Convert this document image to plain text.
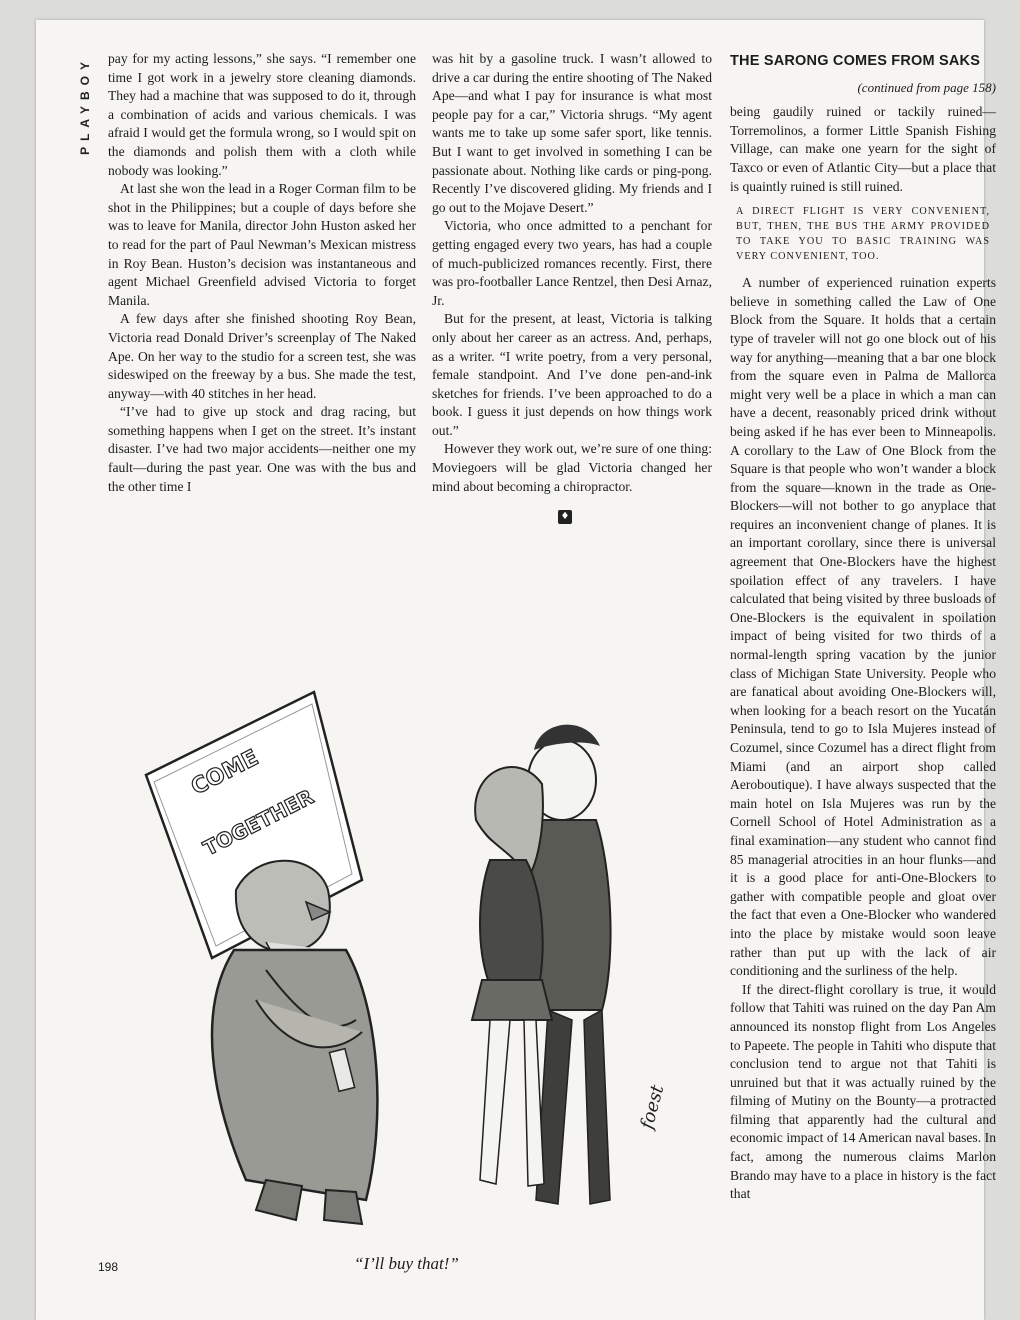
PLAYBOY pay for my acting lessons,” she says. “I remember one time I got work in a jewelry store cleaning diamonds. They had a machine that was supposed to do it, through a combination of acids and various chemicals. I was afraid I would get the formula wrong, so I would spit on the diamonds and polish them with a cloth while nobody was looking.”

At last she won the lead in a Roger Corman film to be shot in the Philippines; but a couple of days before she was to leave for Manila, director John Huston asked her to read for the part of Paul Newman’s Mexican mistress in Roy Bean. Huston’s decision was instantaneous and agent Michael Greenfield advised Victoria to forget Manila.

A few days after she finished shooting Roy Bean, Victoria read Donald Driver’s screenplay of The Naked Ape. On her way to the studio for a screen test, she was sideswiped on the freeway by a bus. She made the test, anyway—with 40 stitches in her head.

“I’ve had to give up stock and drag racing, but something happens when I get on the street. It’s instant disaster. I’ve had two major accidents—neither one my fault—during the past year. One was with the bus and the other time I

was hit by a gasoline truck. I wasn’t allowed to drive a car during the entire shooting of The Naked Ape—and what I pay for insurance is what most people pay for a car,” Victoria shrugs. “My agent wants me to take up some safer sport, like tennis. But I want to get involved in something I can be passionate about. Nothing like cards or ping-pong. Recently I’ve discovered gliding. My friends and I go out to the Mojave Desert.”

Victoria, who once admitted to a penchant for getting engaged every two years, has had a couple of much-publicized romances recently. First, there was pro-footballer Lance Rentzel, then Desi Arnaz, Jr.

But for the present, at least, Victoria is talking only about her career as an actress. And, perhaps, as a writer. “I write poetry, from a very personal, female standpoint. And I’ve done pen-and-ink sketches for friends. I’ve been approached to do a book. I guess it just depends on how things work out.”

However they work out, we’re sure of one thing: Moviegoers will be glad Victoria changed her mind about becoming a chiropractor.

♦
THE SARONG COMES FROM SAKS
(continued from page 158)

being gaudily ruined or tackily ruined—Torremolinos, a former Little Spanish Fishing Village, can make one yearn for the sight of Taxco or even of Atlantic City—but a place that is quaintly ruined is still ruined.

A DIRECT FLIGHT IS VERY CONVENIENT, BUT, THEN, THE BUS THE ARMY PROVIDED TO TAKE YOU TO BASIC TRAINING WAS VERY CONVENIENT, TOO.

A number of experienced ruination experts believe in something called the Law of One Block from the Square. It holds that a certain type of traveler will not go one block out of his way for anything—meaning that a bar one block from the square even in Palma de Mallorca might very well be a place in which a man can have a decent, reasonably priced drink without being asked if he has ever been to Minneapolis. A corollary to the Law of One Block from the Square is that people who won’t wander a block from the square—known in the trade as One-Blockers—will not bother to go anyplace that requires an inconvenient change of planes. It is an important corollary, since there is universal agreement that One-Blockers have the highest spoilation effect of any travelers. I have calculated that being visited by three busloads of One-Blockers is the equivalent in spoilation impact of being visited for two thirds of a normal-length spring vacation by the junior class of Michigan State University. People who are fanatical about avoiding One-Blockers will, when looking for a beach resort on the Yucatán Peninsula, tend to go to Isla Mujeres instead of Cozumel, since Cozumel has a direct flight from Miami (and an airport shop called Aeroboutique). I have always suspected that the main hotel on Isla Mujeres was run by the Cornell School of Hotel Administration as a final examination—any student who cannot find 85 managerial atrocities in an hour flunks—and it is a good place for anti-One-Blockers to gather with compatible people and gloat over the fact that even a One-Blocker who wandered into the place by mistake would soon leave rather than put up with the lack of air conditioning and the surliness of the help.

If the direct-flight corollary is true, it would follow that Tahiti was ruined on the day Pan Am announced its nonstop flight from Los Angeles to Papeete. The people in Tahiti who dispute that conclusion tend to argue not that Tahiti is unruined but that it was actually ruined by the filming of Mutiny on the Bounty—a protracted filming that apparently had the cultural and economic impact of 14 American naval bases. In fact, among the numerous claims Marlon Brando may have to a place in history is the fact that

COME
TOGETHER
foest
“I’ll buy that!”
198
